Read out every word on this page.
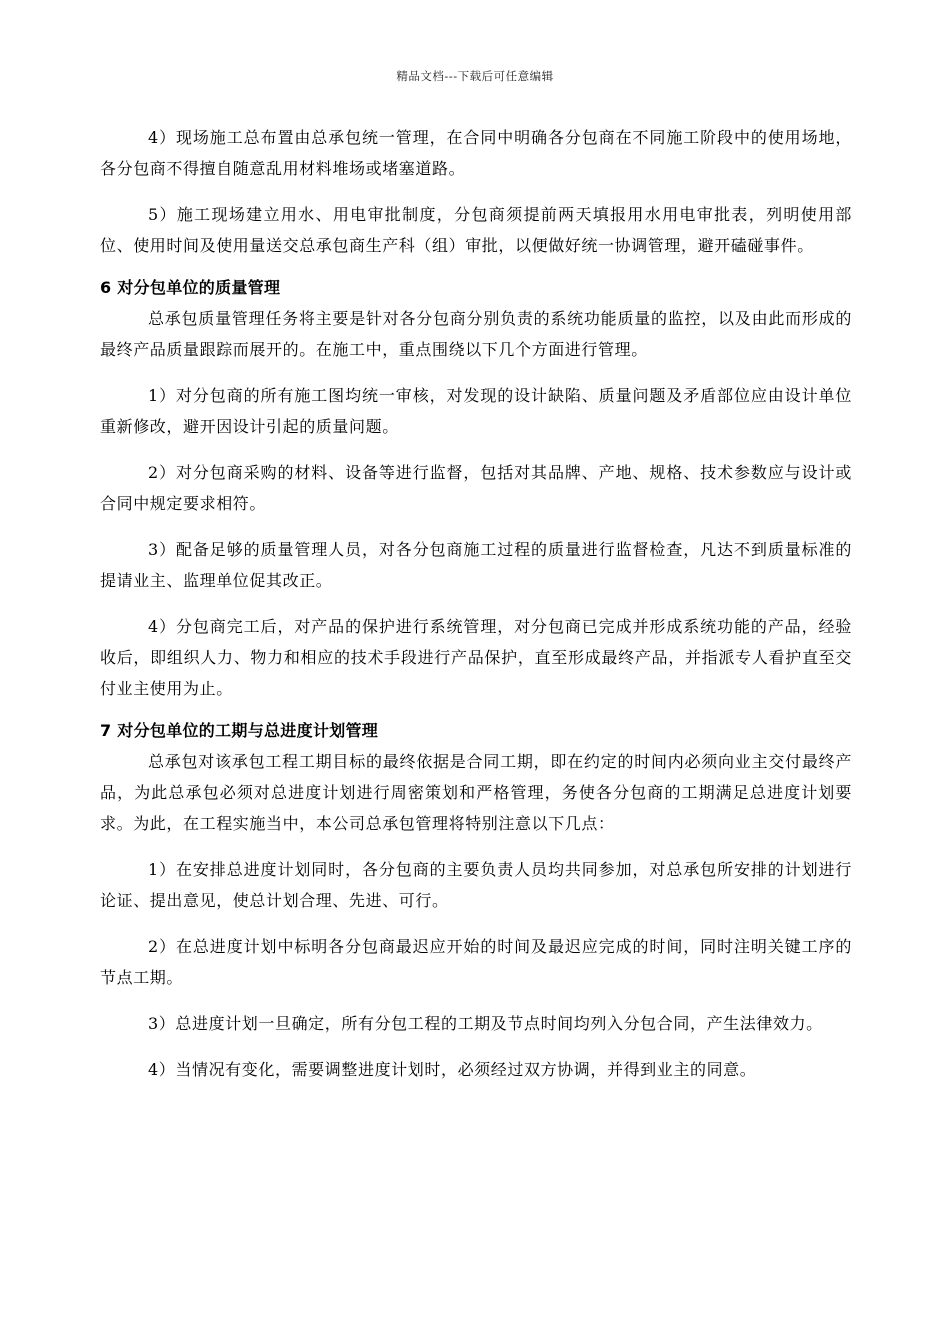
精品文档---下载后可任意编辑

4）现场施工总布置由总承包统一管理，在合同中明确各分包商在不同施工阶段中的使用场地，各分包商不得擅自随意乱用材料堆场或堵塞道路。

5）施工现场建立用水、用电审批制度，分包商须提前两天填报用水用电审批表，列明使用部位、使用时间及使用量送交总承包商生产科（组）审批，以便做好统一协调管理，避开磕碰事件。

6 对分包单位的质量管理

总承包质量管理任务将主要是针对各分包商分别负责的系统功能质量的监控，以及由此而形成的最终产品质量跟踪而展开的。在施工中，重点围绕以下几个方面进行管理。

1）对分包商的所有施工图均统一审核，对发现的设计缺陷、质量问题及矛盾部位应由设计单位重新修改，避开因设计引起的质量问题。

2）对分包商采购的材料、设备等进行监督，包括对其品牌、产地、规格、技术参数应与设计或合同中规定要求相符。

3）配备足够的质量管理人员，对各分包商施工过程的质量进行监督检查，凡达不到质量标准的提请业主、监理单位促其改正。

4）分包商完工后，对产品的保护进行系统管理，对分包商已完成并形成系统功能的产品，经验收后，即组织人力、物力和相应的技术手段进行产品保护，直至形成最终产品，并指派专人看护直至交付业主使用为止。

7 对分包单位的工期与总进度计划管理

总承包对该承包工程工期目标的最终依据是合同工期，即在约定的时间内必须向业主交付最终产品，为此总承包必须对总进度计划进行周密策划和严格管理，务使各分包商的工期满足总进度计划要求。为此，在工程实施当中，本公司总承包管理将特别注意以下几点：

1）在安排总进度计划同时，各分包商的主要负责人员均共同参加，对总承包所安排的计划进行论证、提出意见，使总计划合理、先进、可行。

2）在总进度计划中标明各分包商最迟应开始的时间及最迟应完成的时间，同时注明关键工序的节点工期。

3）总进度计划一旦确定，所有分包工程的工期及节点时间均列入分包合同，产生法律效力。

4）当情况有变化，需要调整进度计划时，必须经过双方协调，并得到业主的同意。
